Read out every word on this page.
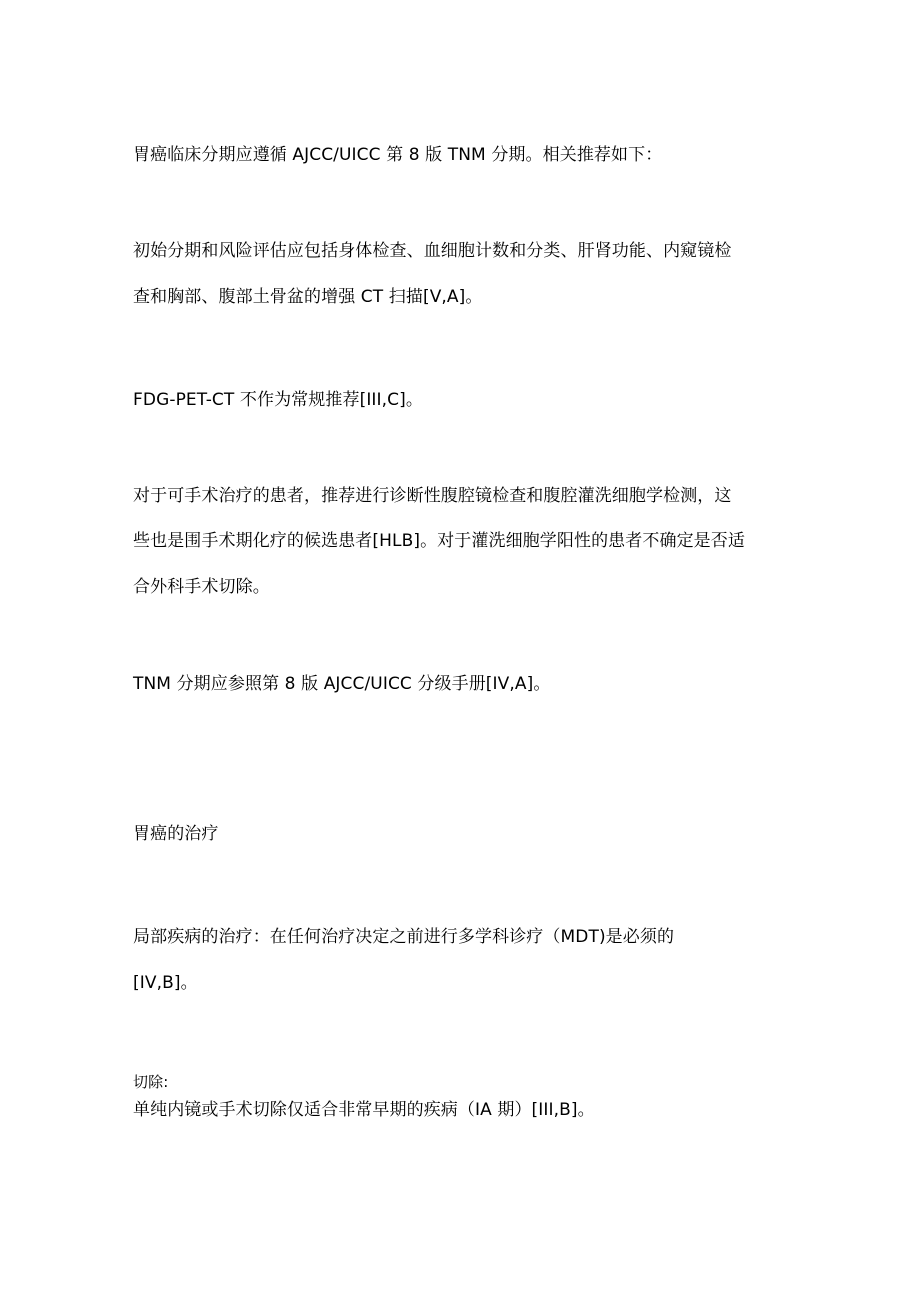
胃癌临床分期应遵循 AJCC/UICC 第 8 版 TNM 分期。相关推荐如下：
初始分期和风险评估应包括身体检查、血细胞计数和分类、肝肾功能、内窥镜检
查和胸部、腹部土骨盆的增强 CT 扫描[V,A]。
FDG-PET-CT 不作为常规推荐[III,C]。
对于可手术治疗的患者，推荐进行诊断性腹腔镜检查和腹腔灌洗细胞学检测，这
些也是围手术期化疗的候选患者[HLB]。对于灌洗细胞学阳性的患者不确定是否适
合外科手术切除。
TNM 分期应参照第 8 版 AJCC/UICC 分级手册[IV,A]。
胃癌的治疗
局部疾病的治疗：在任何治疗决定之前进行多学科诊疗（MDT)是必须的
[IV,B]。
切除:
单纯内镜或手术切除仅适合非常早期的疾病（IA 期）[III,B]。
